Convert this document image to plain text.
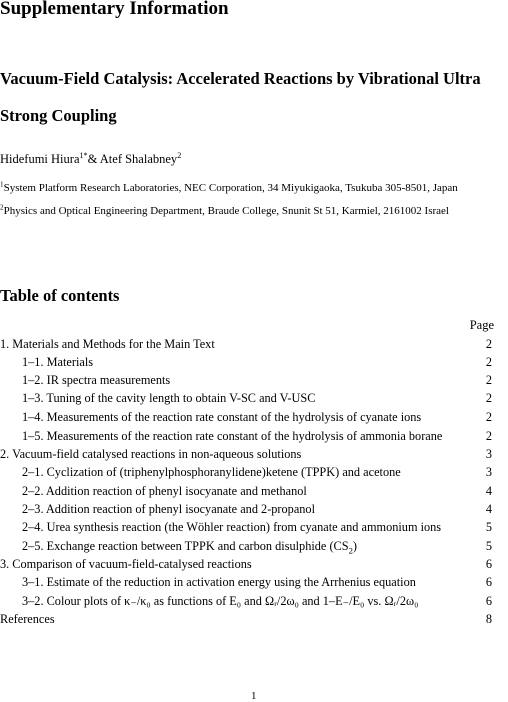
Supplementary Information
Vacuum-Field Catalysis: Accelerated Reactions by Vibrational Ultra
Strong Coupling
Hidefumi Hiura$^{1*}$& Atef Shalabney$^2$
$^1$System Platform Research Laboratories, NEC Corporation, 34 Miyukigaoka, Tsukuba 305-8501, Japan
$^2$Physics and Optical Engineering Department, Braude College, Snunit St 51, Karmiel, 2161002 Israel
Table of contents
Page
1. Materials and Methods for the Main Text	2
1–1. Materials	2
1–2. IR spectra measurements	2
1–3. Tuning of the cavity length to obtain V-SC and V-USC	2
1–4. Measurements of the reaction rate constant of the hydrolysis of cyanate ions	2
1–5. Measurements of the reaction rate constant of the hydrolysis of ammonia borane	2
2. Vacuum-field catalysed reactions in non-aqueous solutions	3
2–1. Cyclization of (triphenylphosphoranylidene)ketene (TPPK) and acetone	3
2–2. Addition reaction of phenyl isocyanate and methanol	4
2–3. Addition reaction of phenyl isocyanate and 2-propanol	4
2–4. Urea synthesis reaction (the Wöhler reaction) from cyanate and ammonium ions	5
2–5. Exchange reaction between TPPK and carbon disulphide $(CS_2)$	5
3. Comparison of vacuum-field-catalysed reactions	6
3–1. Estimate of the reduction in activation energy using the Arrhenius equation	6
3–2. Colour plots of κ₋/κ₀ as functions of E₀ and Ωᵣ/2ω₀ and 1–E₋/E₀ vs. Ωᵣ/2ω₀	6
References	8
1
